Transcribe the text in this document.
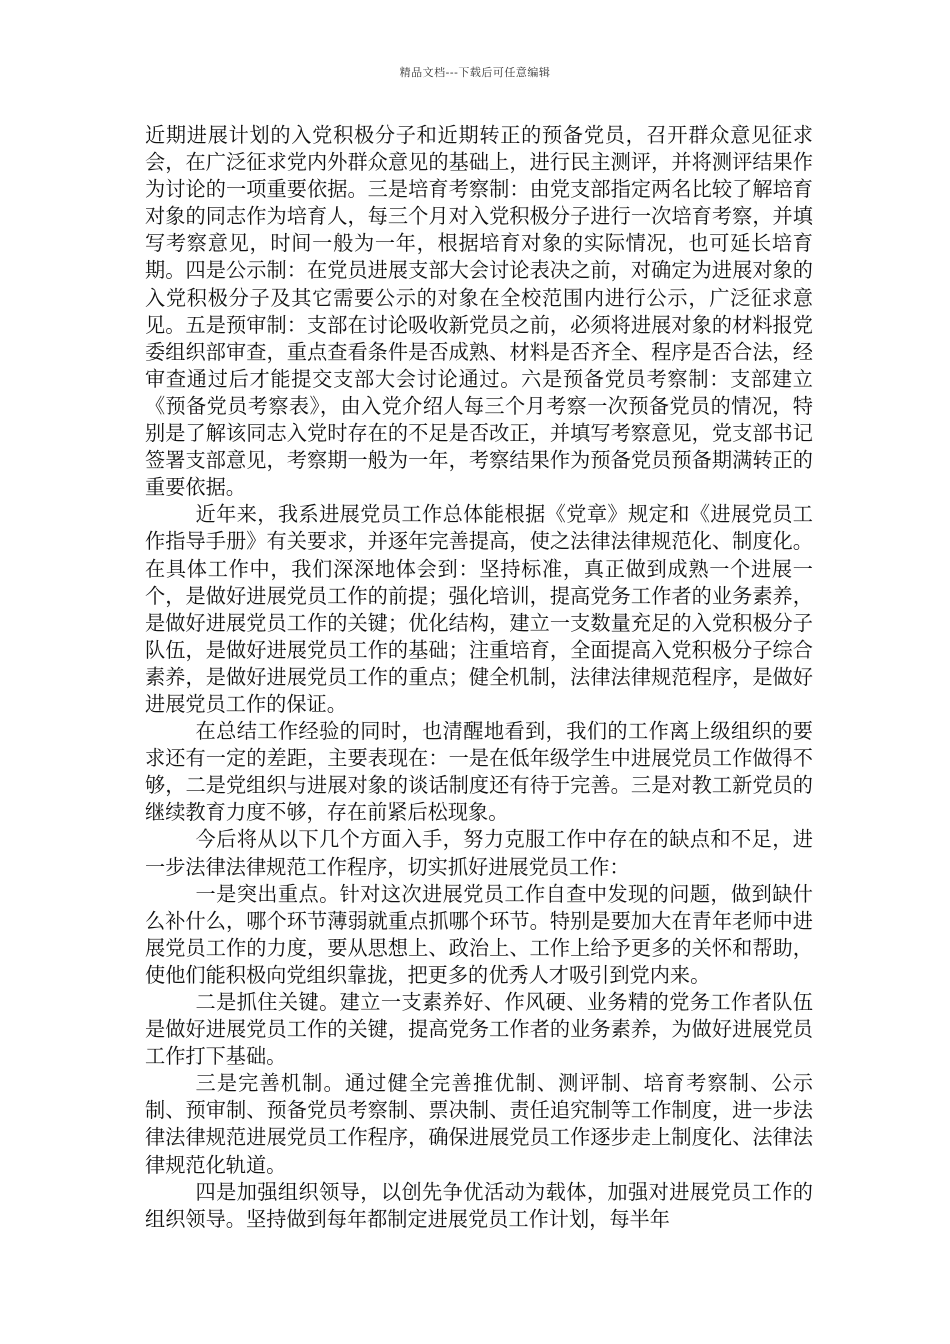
精品文档---下载后可任意编辑

近期进展计划的入党积极分子和近期转正的预备党员，召开群众意见征求会，在广泛征求党内外群众意见的基础上，进行民主测评，并将测评结果作为讨论的一项重要依据。三是培育考察制：由党支部指定两名比较了解培育对象的同志作为培育人，每三个月对入党积极分子进行一次培育考察，并填写考察意见，时间一般为一年，根据培育对象的实际情况，也可延长培育期。四是公示制：在党员进展支部大会讨论表决之前，对确定为进展对象的入党积极分子及其它需要公示的对象在全校范围内进行公示，广泛征求意见。五是预审制：支部在讨论吸收新党员之前，必须将进展对象的材料报党委组织部审查，重点查看条件是否成熟、材料是否齐全、程序是否合法，经审查通过后才能提交支部大会讨论通过。六是预备党员考察制：支部建立《预备党员考察表》，由入党介绍人每三个月考察一次预备党员的情况，特别是了解该同志入党时存在的不足是否改正，并填写考察意见，党支部书记签署支部意见，考察期一般为一年，考察结果作为预备党员预备期满转正的重要依据。

近年来，我系进展党员工作总体能根据《党章》规定和《进展党员工作指导手册》有关要求，并逐年完善提高，使之法律法律规范化、制度化。在具体工作中，我们深深地体会到：坚持标准，真正做到成熟一个进展一个，是做好进展党员工作的前提；强化培训，提高党务工作者的业务素养，是做好进展党员工作的关键；优化结构，建立一支数量充足的入党积极分子队伍，是做好进展党员工作的基础；注重培育，全面提高入党积极分子综合素养，是做好进展党员工作的重点；健全机制，法律法律规范程序，是做好进展党员工作的保证。

在总结工作经验的同时，也清醒地看到，我们的工作离上级组织的要求还有一定的差距，主要表现在：一是在低年级学生中进展党员工作做得不够，二是党组织与进展对象的谈话制度还有待于完善。三是对教工新党员的继续教育力度不够，存在前紧后松现象。

今后将从以下几个方面入手，努力克服工作中存在的缺点和不足，进一步法律法律规范工作程序，切实抓好进展党员工作：

一是突出重点。针对这次进展党员工作自查中发现的问题，做到缺什么补什么，哪个环节薄弱就重点抓哪个环节。特别是要加大在青年老师中进展党员工作的力度，要从思想上、政治上、工作上给予更多的关怀和帮助，使他们能积极向党组织靠拢，把更多的优秀人才吸引到党内来。

二是抓住关键。建立一支素养好、作风硬、业务精的党务工作者队伍是做好进展党员工作的关键，提高党务工作者的业务素养，为做好进展党员工作打下基础。

三是完善机制。通过健全完善推优制、测评制、培育考察制、公示制、预审制、预备党员考察制、票决制、责任追究制等工作制度，进一步法律法律规范进展党员工作程序，确保进展党员工作逐步走上制度化、法律法律规范化轨道。

四是加强组织领导，以创先争优活动为载体，加强对进展党员工作的组织领导。坚持做到每年都制定进展党员工作计划，每半年
